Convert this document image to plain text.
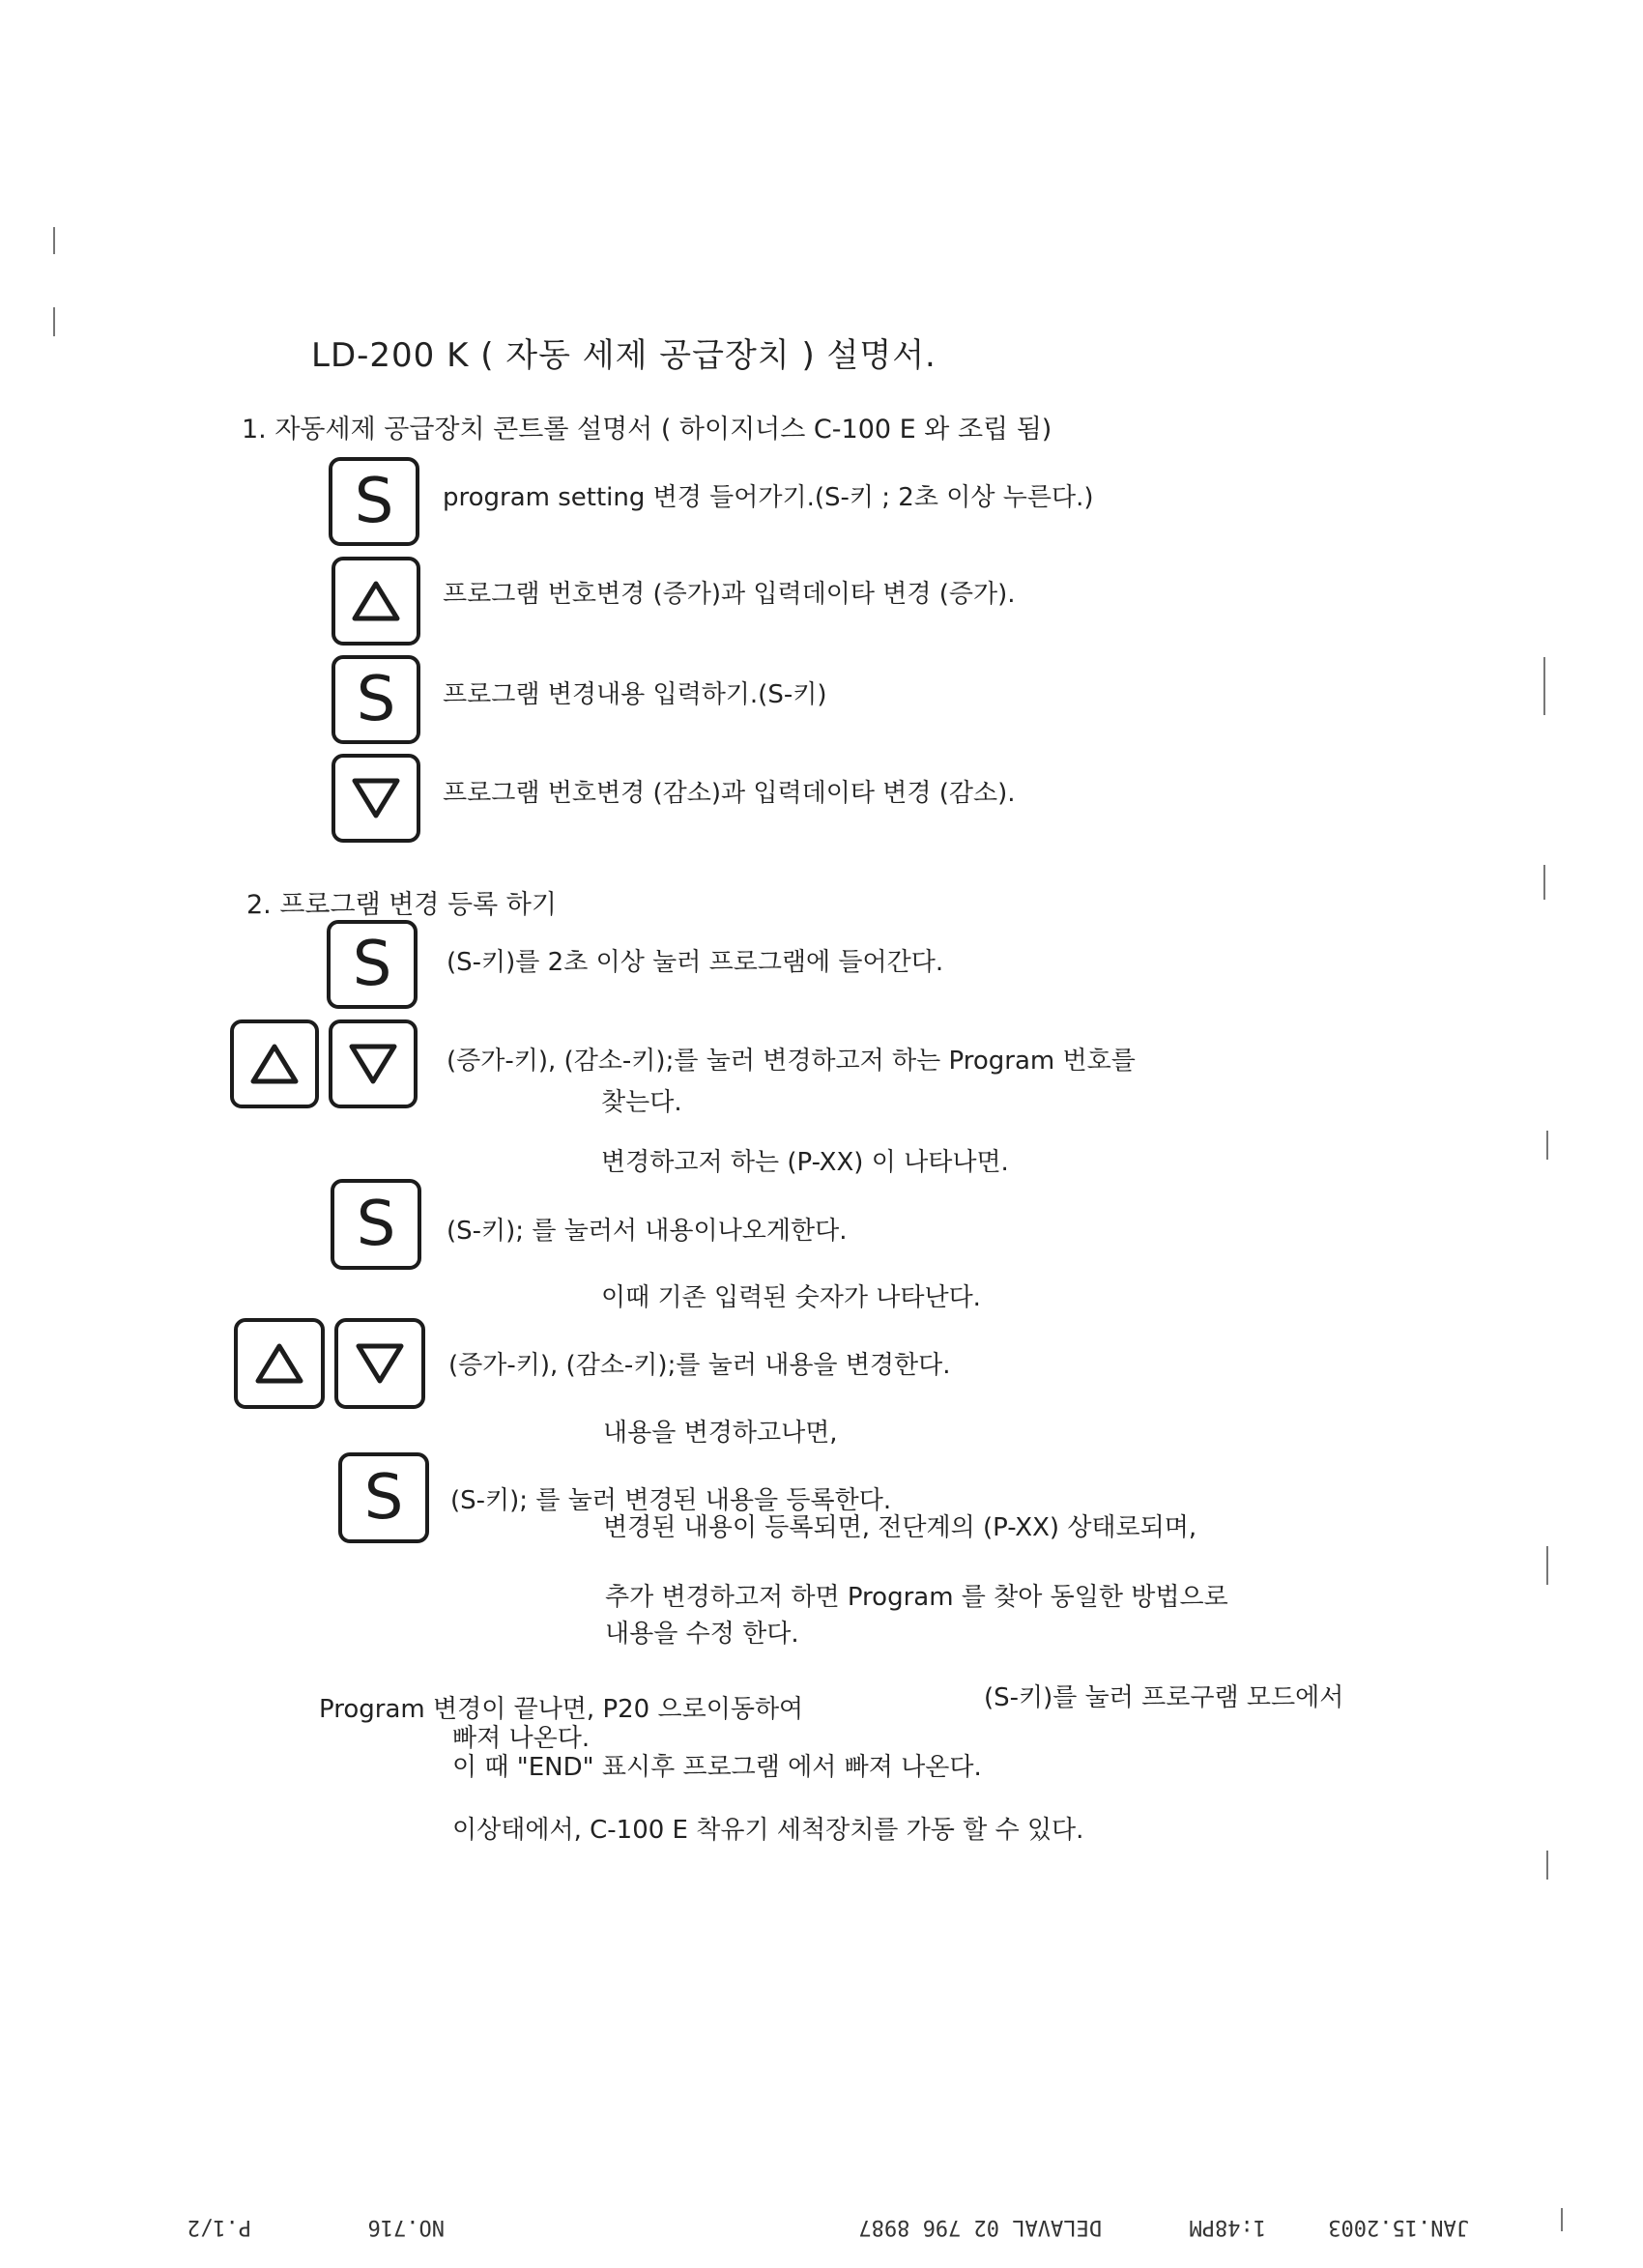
LD-200 K ( 자동 세제 공급장치 ) 설명서.
1. 자동세제 공급장치 콘트롤 설명서 ( 하이지너스 C-100 E 와 조립 됨)
S program setting 변경 들어가기.(S-키 ; 2초 이상 누른다.)
프로그램 번호변경 (증가)과 입력데이타 변경 (증가).
S 프로그램 변경내용 입력하기.(S-키)
프로그램 번호변경 (감소)과 입력데이타 변경 (감소).
2. 프로그램 변경 등록 하기
S (S-키)를 2초 이상 눌러 프로그램에 들어간다.
(증가-키), (감소-키);를 눌러 변경하고저 하는 Program 번호를
찾는다.
변경하고저 하는 (P-XX) 이 나타나면.
S (S-키); 를 눌러서 내용이나오게한다.
이때 기존 입력된 숫자가 나타난다.
(증가-키), (감소-키);를 눌러 내용을 변경한다.
내용을 변경하고나면,
S (S-키); 를 눌러 변경된 내용을 등록한다.
변경된 내용이 등록되면, 전단계의 (P-XX) 상태로되며,
추가 변경하고저 하면 Program 를 찾아 동일한 방법으로
내용을 수정 한다.
Program 변경이 끝나면, P20 으로이동하여	(S-키)를 눌러 프로구램 모드에서
빠져 나온다.
이 때 "END" 표시후 프로그램 에서 빠져 나온다.
이상태에서, C-100 E 착유기 세척장치를 가동 할 수 있다.
JAN.15.2003
1:48PM
DELAVAL 02 796 8987
NO.716
P.1/2
